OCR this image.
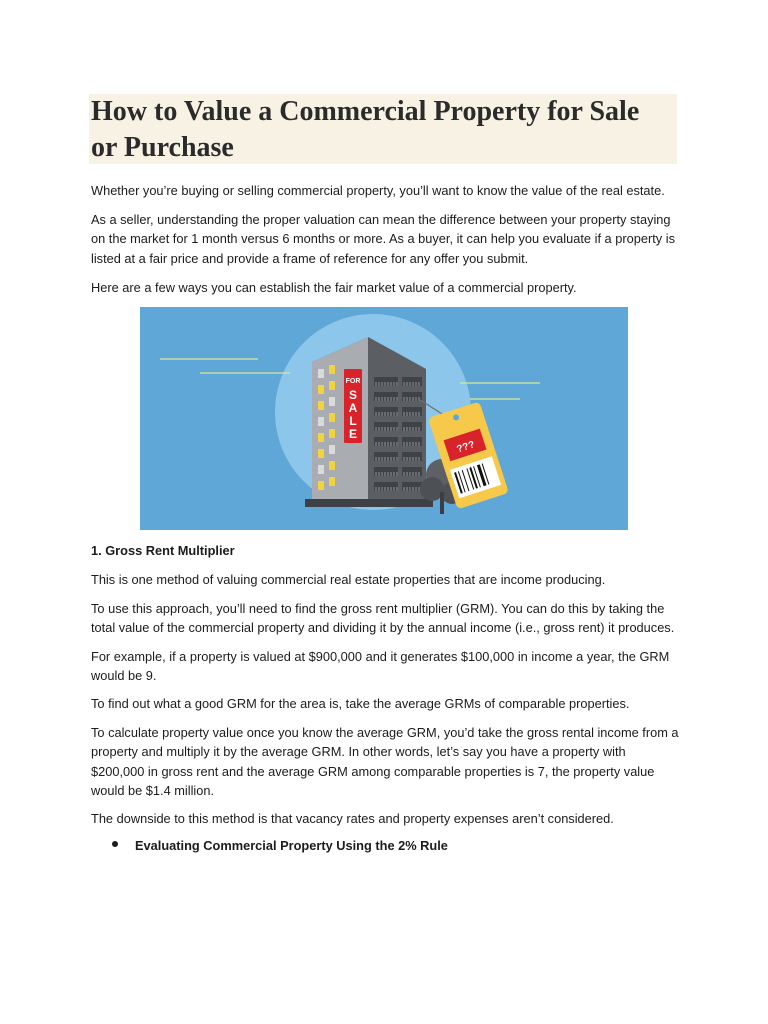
How to Value a Commercial Property for Sale or Purchase

Whether you’re buying or selling commercial property, you’ll want to know the value of the real estate.

As a seller, understanding the proper valuation can mean the difference between your property staying on the market for 1 month versus 6 months or more. As a buyer, it can help you evaluate if a property is listed at a fair price and provide a frame of reference for any offer you submit.

Here are a few ways you can establish the fair market value of a commercial property.

FOR
S A L E
???

1. Gross Rent Multiplier

This is one method of valuing commercial real estate properties that are income producing.

To use this approach, you’ll need to find the gross rent multiplier (GRM). You can do this by taking the total value of the commercial property and dividing it by the annual income (i.e., gross rent) it produces.

For example, if a property is valued at $900,000 and it generates $100,000 in income a year, the GRM would be 9.

To find out what a good GRM for the area is, take the average GRMs of comparable properties.

To calculate property value once you know the average GRM, you’d take the gross rental income from a property and multiply it by the average GRM. In other words, let’s say you have a property with $200,000 in gross rent and the average GRM among comparable properties is 7, the property value would be $1.4 million.

The downside to this method is that vacancy rates and property expenses aren’t considered.

Evaluating Commercial Property Using the 2% Rule
